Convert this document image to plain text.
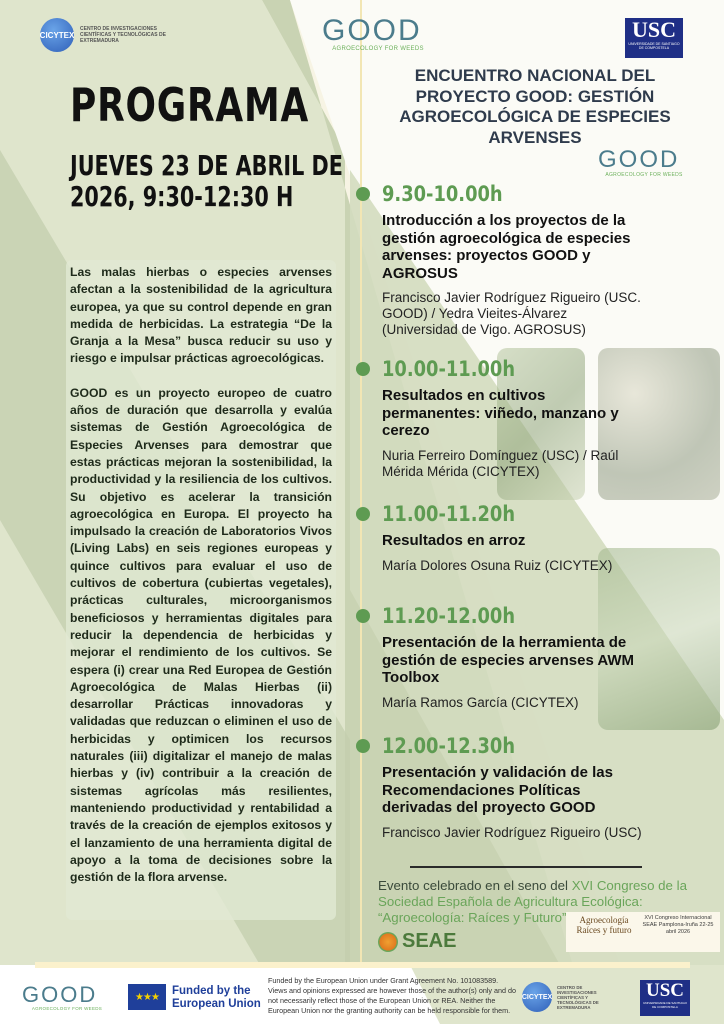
CICYTEX
CENTRO DE INVESTIGACIONES CIENTÍFICAS Y TECNOLÓGICAS DE EXTREMADURA	GOOD
AGROECOLOGY FOR WEEDS
USC
UNIVERSIDADE DE SANTIAGO DE COMPOSTELA
PROGRAMA
JUEVES 23 DE ABRIL DE
2026, 9:30-12:30 H

Las malas hierbas o especies arvenses afectan a la sostenibilidad de la agricultura europea, ya que su control depende en gran medida de herbicidas. La estrategia “De la Granja a la Mesa” busca reducir su uso y riesgo e impulsar prácticas agroecológicas.

GOOD es un proyecto europeo de cuatro años de duración que desarrolla y evalúa sistemas de Gestión Agroecológica de Especies Arvenses para demostrar que estas prácticas mejoran la sostenibilidad, la productividad y la resiliencia de los cultivos. Su objetivo es acelerar la transición agroecológica en Europa. El proyecto ha impulsado la creación de Laboratorios Vivos (Living Labs) en seis regiones europeas y quince cultivos para evaluar el uso de cultivos de cobertura (cubiertas vegetales), prácticas culturales, microorganismos beneficiosos y herramientas digitales para reducir la dependencia de herbicidas y mejorar el rendimiento de los cultivos. Se espera (i) crear una Red Europea de Gestión Agroecológica de Malas Hierbas (ii) desarrollar Prácticas innovadoras y validadas que reduzcan o eliminen el uso de herbicidas y optimicen los recursos naturales (iii) digitalizar el manejo de malas hierbas y (iv) contribuir a la creación de sistemas agrícolas más resilientes, manteniendo productividad y rentabilidad a través de la creación de ejemplos exitosos y el lanzamiento de una herramienta digital de apoyo a la toma de decisiones sobre la gestión de la flora arvense.

ENCUENTRO NACIONAL DEL PROYECTO GOOD: GESTIÓN AGROECOLÓGICA DE ESPECIES ARVENSES
GOOD
AGROECOLOGY FOR WEEDS
9.30-10.00h
Introducción a los proyectos de la gestión agroecológica de especies arvenses: proyectos GOOD y AGROSUS
Francisco Javier Rodríguez Rigueiro (USC. GOOD) / Yedra Vieites-Álvarez (Universidad de Vigo. AGROSUS)
10.00-11.00h
Resultados en cultivos permanentes: viñedo, manzano y cerezo
Nuria Ferreiro Domínguez (USC) / Raúl Mérida Mérida (CICYTEX)
11.00-11.20h
Resultados en arroz
María Dolores Osuna Ruiz (CICYTEX)
11.20-12.00h
Presentación de la herramienta de gestión de especies arvenses AWM Toolbox
María Ramos García (CICYTEX)
12.00-12.30h
Presentación y validación de las Recomendaciones Políticas derivadas del proyecto GOOD
Francisco Javier Rodríguez Rigueiro (USC)
Evento celebrado en el seno del XVI Congreso de la Sociedad Española de Agricultura Ecológica: “Agroecología: Raíces y Futuro”
SEAE
Agroecología Raíces y futuro
XVI Congreso Internacional SEAE Pamplona-Iruña 22-25 abril 2026
GOOD
AGROECOLOGY FOR WEEDS
★★★	Funded by the European Union
Funded by the European Union under Grant Agreement No. 101083589. Views and opinions expressed are however those of the author(s) only and do not necessarily reflect those of the European Union or REA. Neither the European Union nor the granting authority can be held responsible for them.
CICYTEX
CENTRO DE INVESTIGACIONES CIENTÍFICAS Y TECNOLÓGICAS DE EXTREMADURA
USC
UNIVERSIDADE DE SANTIAGO DE COMPOSTELA
